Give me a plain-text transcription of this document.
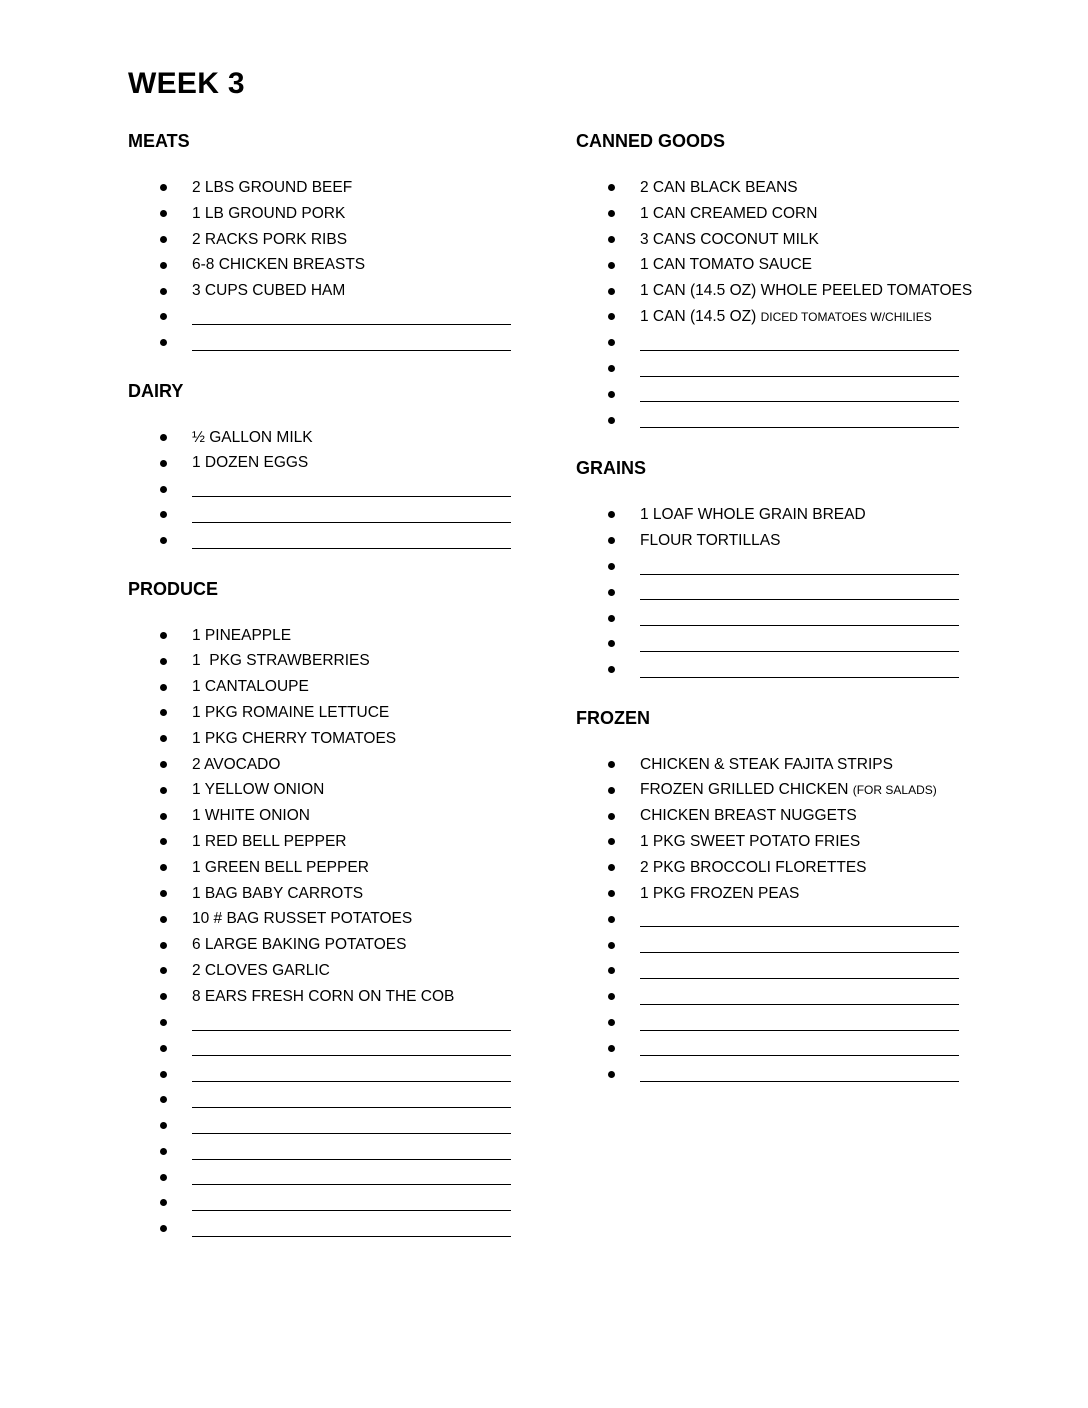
WEEK 3
MEATS
2 LBS GROUND BEEF
1 LB GROUND PORK
2 RACKS PORK RIBS
6-8 CHICKEN BREASTS
3 CUPS CUBED HAM
DAIRY
½ GALLON MILK
1 DOZEN EGGS
PRODUCE
1 PINEAPPLE
1  PKG STRAWBERRIES
1 CANTALOUPE
1 PKG ROMAINE LETTUCE
1 PKG CHERRY TOMATOES
2 AVOCADO
1 YELLOW ONION
1 WHITE ONION
1 RED BELL PEPPER
1 GREEN BELL PEPPER
1 BAG BABY CARROTS
10 # BAG RUSSET POTATOES
6 LARGE BAKING POTATOES
2 CLOVES GARLIC
8 EARS FRESH CORN ON THE COB
CANNED GOODS
2 CAN BLACK BEANS
1 CAN CREAMED CORN
3 CANS COCONUT MILK
1 CAN TOMATO SAUCE
1 CAN (14.5 OZ) WHOLE PEELED TOMATOES
1 CAN (14.5 OZ) DICED TOMATOES W/CHILIES
GRAINS
1 LOAF WHOLE GRAIN BREAD
FLOUR TORTILLAS
FROZEN
CHICKEN & STEAK FAJITA STRIPS
FROZEN GRILLED CHICKEN (FOR SALADS)
CHICKEN BREAST NUGGETS
1 PKG SWEET POTATO FRIES
2 PKG BROCCOLI FLORETTES
1 PKG FROZEN PEAS
